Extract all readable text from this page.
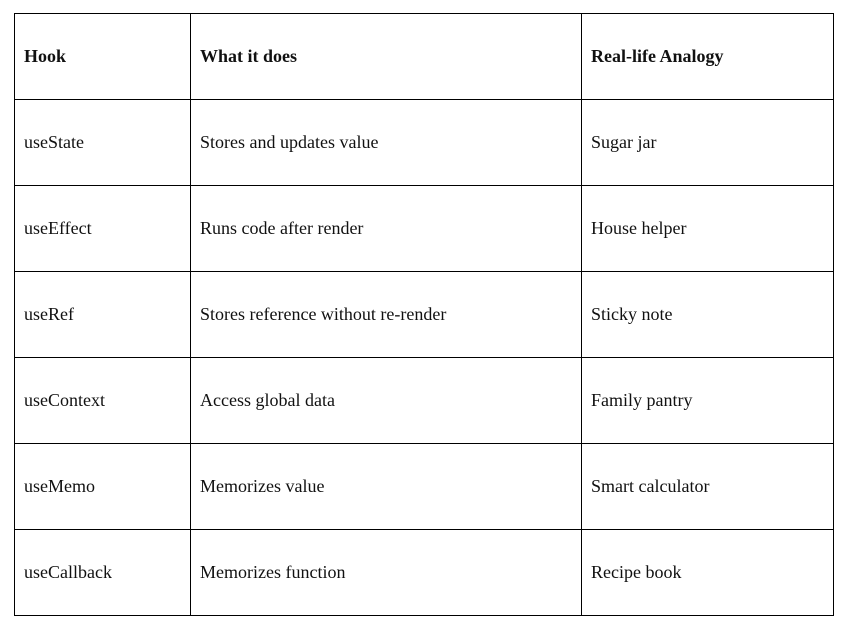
Hook	What it does	Real-life Analogy
useState	Stores and updates value	Sugar jar
useEffect	Runs code after render	House helper
useRef	Stores reference without re-render	Sticky note
useContext	Access global data	Family pantry
useMemo	Memorizes value	Smart calculator
useCallback	Memorizes function	Recipe book
